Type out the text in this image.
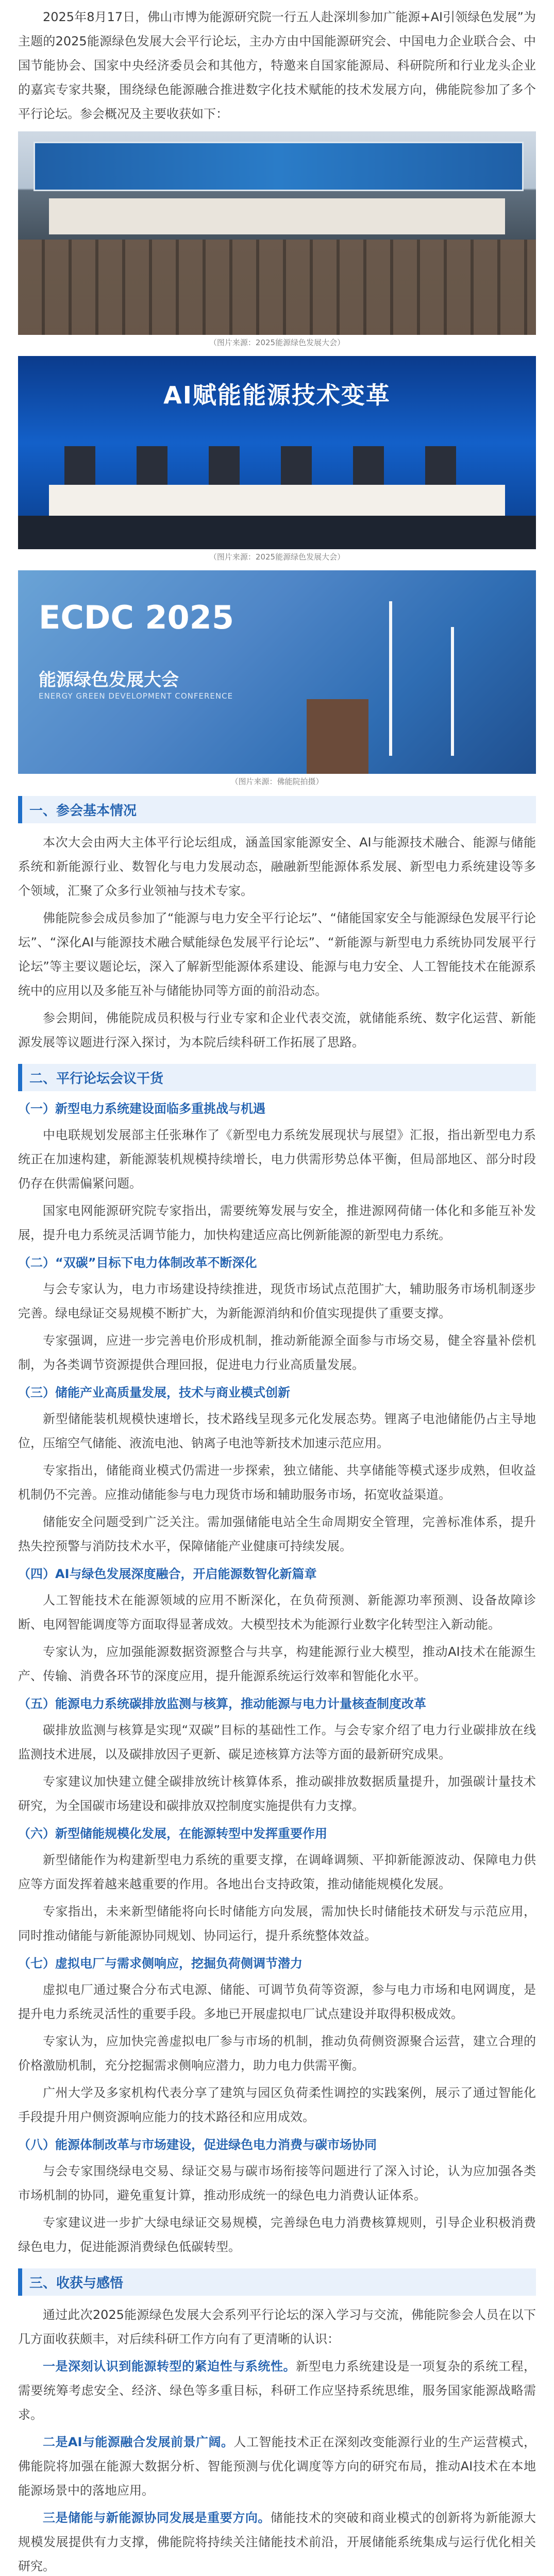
2025年8月17日，佛山市博为能源研究院一行五人赴深圳参加广能源+AI引领绿色发展”为主题的2025能源绿色发展大会平行论坛，主办方由中国能源研究会、中国电力企业联合会、中国节能协会、国家中央经济委员会和其他方，特邀来自国家能源局、科研院所和行业龙头企业的嘉宾专家共聚，围绕绿色能源融合推进数字化技术赋能的技术发展方向，佛能院参加了多个平行论坛。参会概况及主要收获如下：

（图片来源：2025能源绿色发展大会）
AI赋能能源技术变革
（图片来源：2025能源绿色发展大会）
ECDC 2025
能源绿色发展大会
ENERGY GREEN DEVELOPMENT CONFERENCE
（图片来源：佛能院拍摄）
一、参会基本情况

本次大会由两大主体平行论坛组成，涵盖国家能源安全、AI与能源技术融合、能源与储能系统和新能源行业、数智化与电力发展动态，融融新型能源体系发展、新型电力系统建设等多个领域，汇聚了众多行业领袖与技术专家。

佛能院参会成员参加了“能源与电力安全平行论坛”、“储能国家安全与能源绿色发展平行论坛”、“深化AI与能源技术融合赋能绿色发展平行论坛”、“新能源与新型电力系统协同发展平行论坛”等主要议题论坛，深入了解新型能源体系建设、能源与电力安全、人工智能技术在能源系统中的应用以及多能互补与储能协同等方面的前沿动态。

参会期间，佛能院成员积极与行业专家和企业代表交流，就储能系统、数字化运营、新能源发展等议题进行深入探讨，为本院后续科研工作拓展了思路。

二、平行论坛会议干货
（一）新型电力系统建设面临多重挑战与机遇

中电联规划发展部主任张琳作了《新型电力系统发展现状与展望》汇报，指出新型电力系统正在加速构建，新能源装机规模持续增长，电力供需形势总体平衡，但局部地区、部分时段仍存在供需偏紧问题。

国家电网能源研究院专家指出，需要统筹发展与安全，推进源网荷储一体化和多能互补发展，提升电力系统灵活调节能力，加快构建适应高比例新能源的新型电力系统。

（二）“双碳”目标下电力体制改革不断深化

与会专家认为，电力市场建设持续推进，现货市场试点范围扩大，辅助服务市场机制逐步完善。绿电绿证交易规模不断扩大，为新能源消纳和价值实现提供了重要支撑。

专家强调，应进一步完善电价形成机制，推动新能源全面参与市场交易，健全容量补偿机制，为各类调节资源提供合理回报，促进电力行业高质量发展。

（三）储能产业高质量发展，技术与商业模式创新

新型储能装机规模快速增长，技术路线呈现多元化发展态势。锂离子电池储能仍占主导地位，压缩空气储能、液流电池、钠离子电池等新技术加速示范应用。

专家指出，储能商业模式仍需进一步探索，独立储能、共享储能等模式逐步成熟，但收益机制仍不完善。应推动储能参与电力现货市场和辅助服务市场，拓宽收益渠道。

储能安全问题受到广泛关注。需加强储能电站全生命周期安全管理，完善标准体系，提升热失控预警与消防技术水平，保障储能产业健康可持续发展。

（四）AI与绿色发展深度融合，开启能源数智化新篇章

人工智能技术在能源领域的应用不断深化，在负荷预测、新能源功率预测、设备故障诊断、电网智能调度等方面取得显著成效。大模型技术为能源行业数字化转型注入新动能。

专家认为，应加强能源数据资源整合与共享，构建能源行业大模型，推动AI技术在能源生产、传输、消费各环节的深度应用，提升能源系统运行效率和智能化水平。

（五）能源电力系统碳排放监测与核算，推动能源与电力计量核查制度改革

碳排放监测与核算是实现“双碳”目标的基础性工作。与会专家介绍了电力行业碳排放在线监测技术进展，以及碳排放因子更新、碳足迹核算方法等方面的最新研究成果。

专家建议加快建立健全碳排放统计核算体系，推动碳排放数据质量提升，加强碳计量技术研究，为全国碳市场建设和碳排放双控制度实施提供有力支撑。

（六）新型储能规模化发展，在能源转型中发挥重要作用

新型储能作为构建新型电力系统的重要支撑，在调峰调频、平抑新能源波动、保障电力供应等方面发挥着越来越重要的作用。各地出台支持政策，推动储能规模化发展。

专家指出，未来新型储能将向长时储能方向发展，需加快长时储能技术研发与示范应用，同时推动储能与新能源协同规划、协同运行，提升系统整体效益。

（七）虚拟电厂与需求侧响应，挖掘负荷侧调节潜力

虚拟电厂通过聚合分布式电源、储能、可调节负荷等资源，参与电力市场和电网调度，是提升电力系统灵活性的重要手段。多地已开展虚拟电厂试点建设并取得积极成效。

专家认为，应加快完善虚拟电厂参与市场的机制，推动负荷侧资源聚合运营，建立合理的价格激励机制，充分挖掘需求侧响应潜力，助力电力供需平衡。

广州大学及多家机构代表分享了建筑与园区负荷柔性调控的实践案例，展示了通过智能化手段提升用户侧资源响应能力的技术路径和应用成效。

（八）能源体制改革与市场建设，促进绿色电力消费与碳市场协同

与会专家围绕绿电交易、绿证交易与碳市场衔接等问题进行了深入讨论，认为应加强各类市场机制的协同，避免重复计算，推动形成统一的绿色电力消费认证体系。

专家建议进一步扩大绿电绿证交易规模，完善绿色电力消费核算规则，引导企业积极消费绿色电力，促进能源消费绿色低碳转型。

三、收获与感悟

通过此次2025能源绿色发展大会系列平行论坛的深入学习与交流，佛能院参会人员在以下几方面收获颇丰，对后续科研工作方向有了更清晰的认识：

一是深刻认识到能源转型的紧迫性与系统性。新型电力系统建设是一项复杂的系统工程，需要统筹考虑安全、经济、绿色等多重目标，科研工作应坚持系统思维，服务国家能源战略需求。

二是AI与能源融合发展前景广阔。人工智能技术正在深刻改变能源行业的生产运营模式，佛能院将加强在能源大数据分析、智能预测与优化调度等方向的研究布局，推动AI技术在本地能源场景中的落地应用。

三是储能与新能源协同发展是重要方向。储能技术的突破和商业模式的创新将为新能源大规模发展提供有力支撑，佛能院将持续关注储能技术前沿，开展储能系统集成与运行优化相关研究。
